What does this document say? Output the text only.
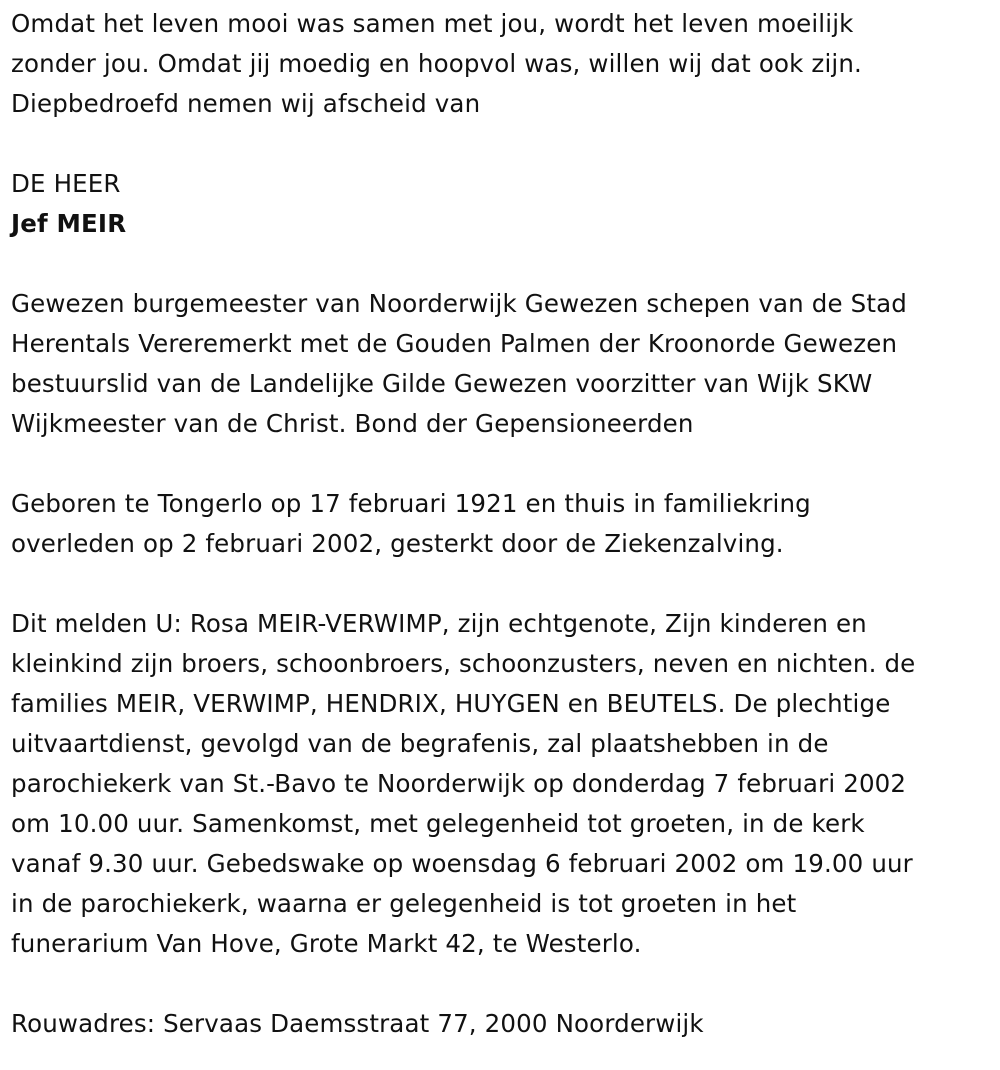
Omdat het leven mooi was samen met jou, wordt het leven moeilijk

zonder jou. Omdat jij moedig en hoopvol was, willen wij dat ook zijn.

Diepbedroefd nemen wij afscheid van

DE HEER

Jef MEIR

Gewezen burgemeester van Noorderwijk Gewezen schepen van de Stad

Herentals Vereremerkt met de Gouden Palmen der Kroonorde Gewezen

bestuurslid van de Landelijke Gilde Gewezen voorzitter van Wijk SKW

Wijkmeester van de Christ. Bond der Gepensioneerden

Geboren te Tongerlo op 17 februari 1921 en thuis in familiekring

overleden op 2 februari 2002, gesterkt door de Ziekenzalving.

Dit melden U: Rosa MEIR-VERWIMP, zijn echtgenote, Zijn kinderen en

kleinkind zijn broers, schoonbroers, schoonzusters, neven en nichten. de

families MEIR, VERWIMP, HENDRIX, HUYGEN en BEUTELS. De plechtige

uitvaartdienst, gevolgd van de begrafenis, zal plaatshebben in de

parochiekerk van St.-Bavo te Noorderwijk op donderdag 7 februari 2002

om 10.00 uur. Samenkomst, met gelegenheid tot groeten, in de kerk

vanaf 9.30 uur. Gebedswake op woensdag 6 februari 2002 om 19.00 uur

in de parochiekerk, waarna er gelegenheid is tot groeten in het

funerarium Van Hove, Grote Markt 42, te Westerlo.

Rouwadres: Servaas Daemsstraat 77, 2000 Noorderwijk
